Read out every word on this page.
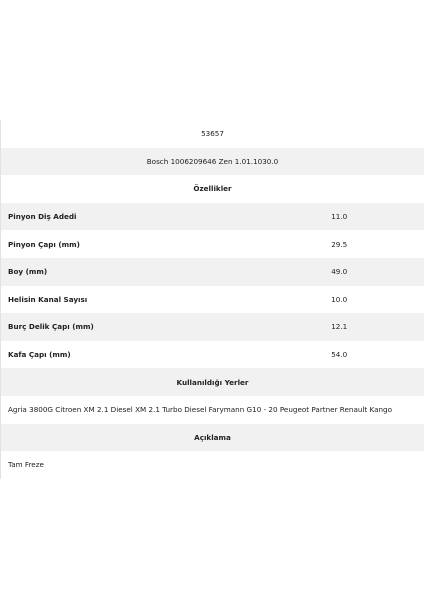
53657
Bosch 1006209646 Zen 1.01.1030.0
Özellikler
Pinyon Diş Adedi	11.0
Pinyon Çapı (mm)	29.5
Boy (mm)	49.0
Helisin Kanal Sayısı	10.0
Burç Delik Çapı (mm)	12.1
Kafa Çapı (mm)	54.0
Kullanıldığı Yerler
Agria 3800G Citroen XM 2.1 Diesel XM 2.1 Turbo Diesel Farymann G10 - 20 Peugeot Partner Renault Kango
Açıklama
Tam Freze
